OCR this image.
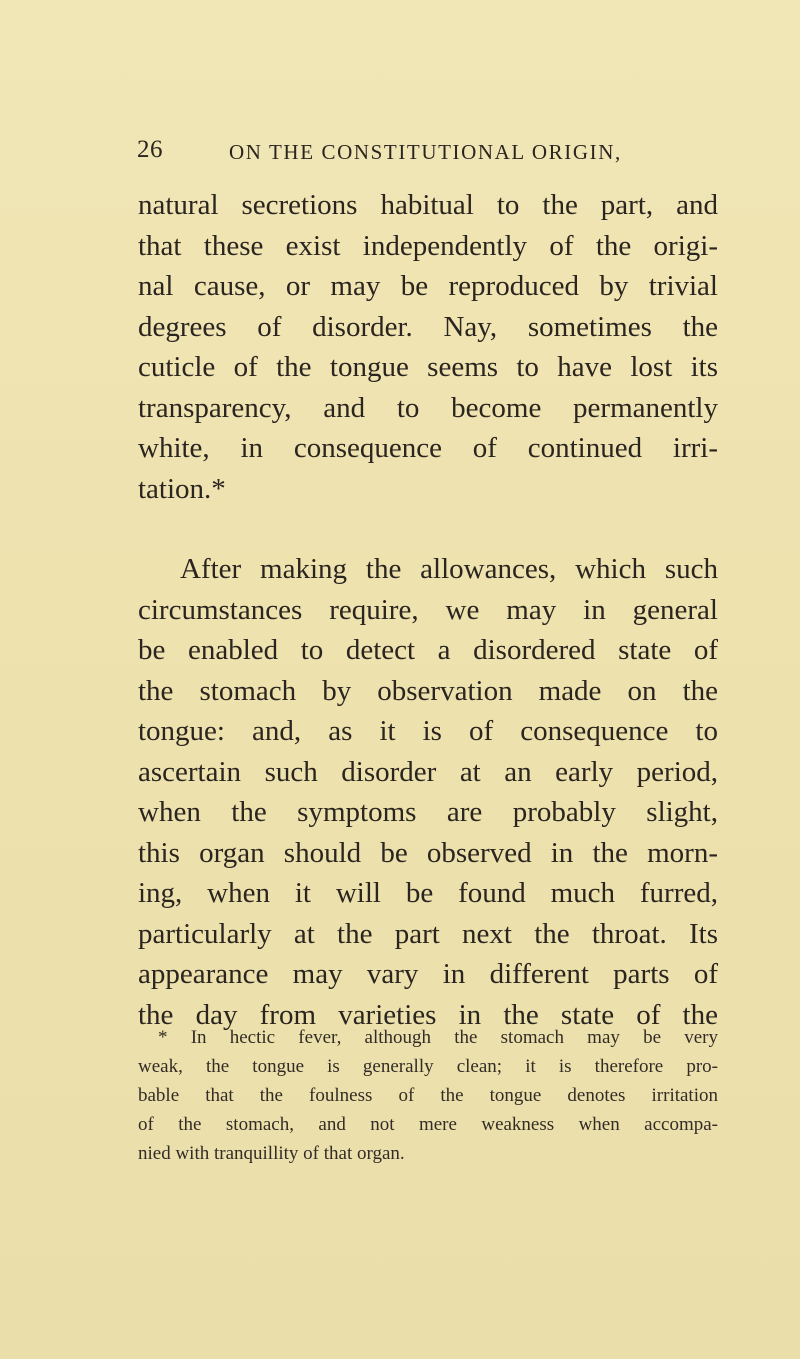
26	ON THE CONSTITUTIONAL ORIGIN,
natural secretions habitual to the part, and
that these exist independently of the origi-
nal cause, or may be reproduced by trivial
degrees of disorder. Nay, sometimes the
cuticle of the tongue seems to have lost its
transparency, and to become permanently
white, in consequence of continued irri-
tation.*
After making the allowances, which such
circumstances require, we may in general
be enabled to detect a disordered state of
the stomach by observation made on the
tongue: and, as it is of consequence to
ascertain such disorder at an early period,
when the symptoms are probably slight,
this organ should be observed in the morn-
ing, when it will be found much furred,
particularly at the part next the throat. Its
appearance may vary in different parts of
the day from varieties in the state of the
* In hectic fever, although the stomach may be very
weak, the tongue is generally clean; it is therefore pro-
bable that the foulness of the tongue denotes irritation
of the stomach, and not mere weakness when accompa-
nied with tranquillity of that organ.
